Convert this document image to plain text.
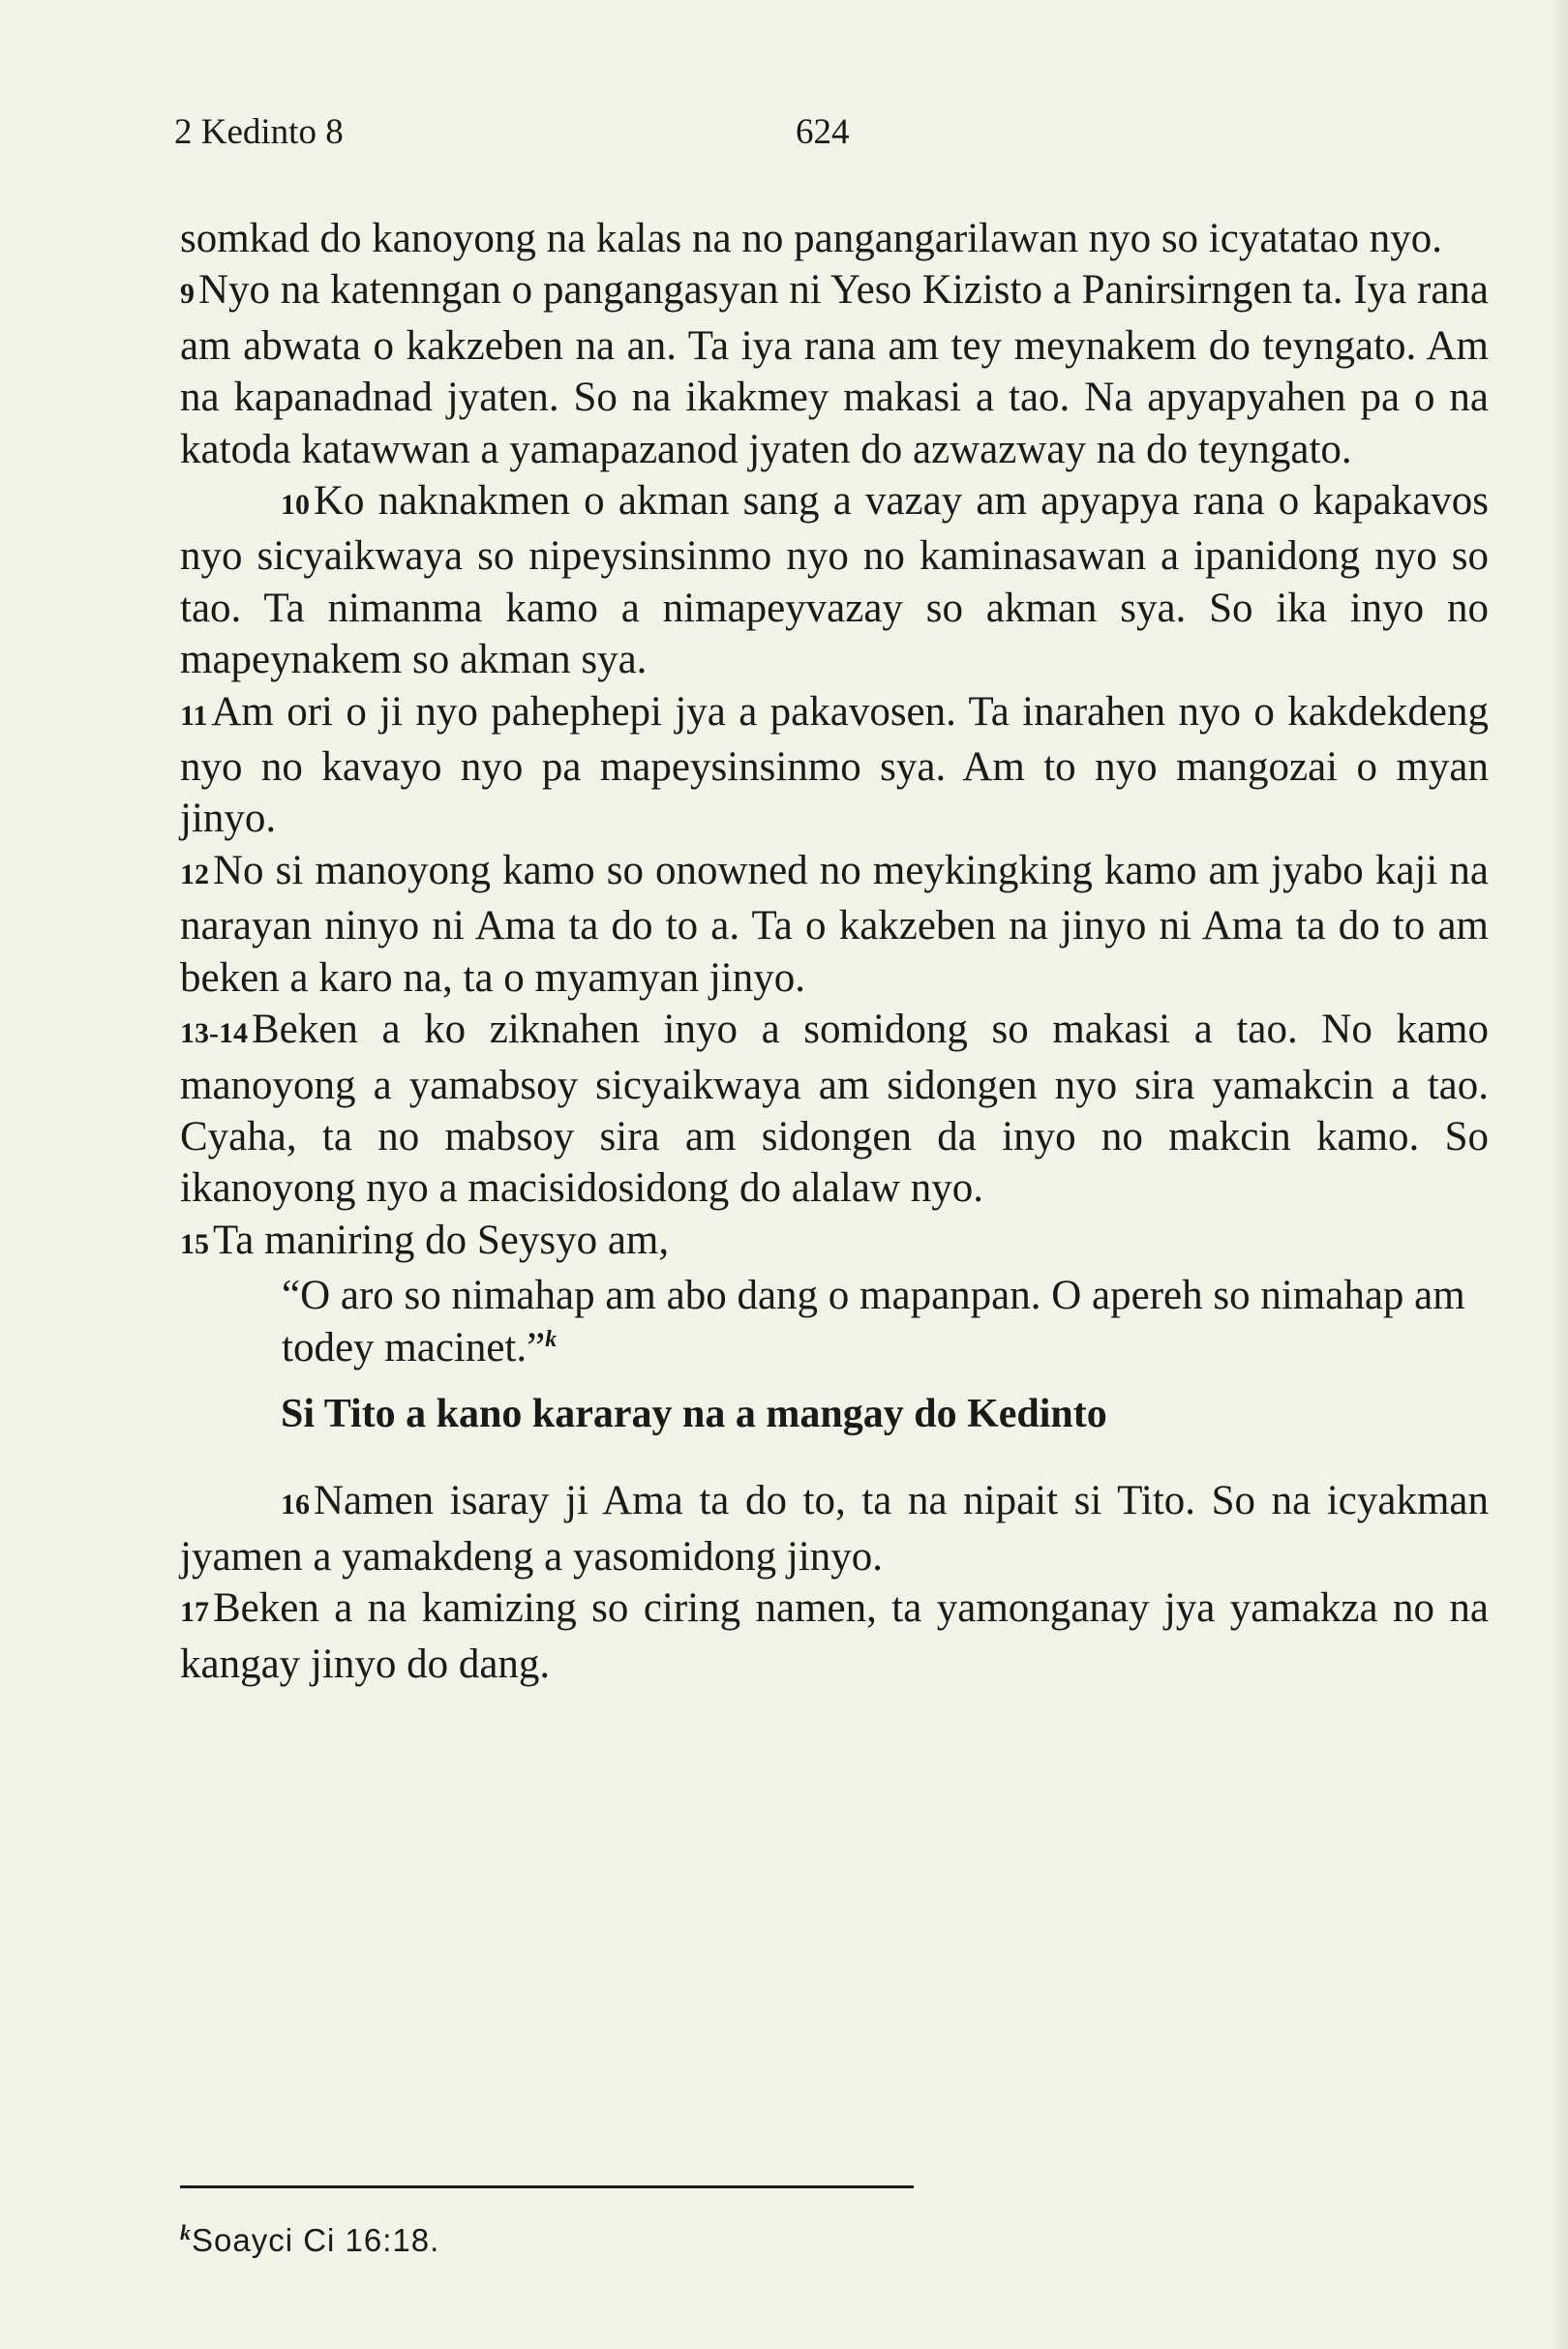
2 Kedinto 8	624

somkad do kanoyong na kalas na no pangangarilawan nyo so icyatatao nyo.

9Nyo na katenngan o pangangasyan ni Yeso Kizisto a Panirsirngen ta. Iya rana am abwata o kakzeben na an. Ta iya rana am tey meynakem do teyngato. Am na kapanadnad jyaten. So na ikakmey makasi a tao. Na apyapyahen pa o na katoda katawwan a yamapazanod jyaten do azwazway na do teyngato.

10Ko naknakmen o akman sang a vazay am apyapya rana o kapakavos nyo sicyaikwaya so nipeysinsinmo nyo no kaminasawan a ipanidong nyo so tao. Ta nimanma kamo a nimapeyvazay so akman sya. So ika inyo no mapeynakem so akman sya.

11Am ori o ji nyo pahephepi jya a pakavosen. Ta inarahen nyo o kakdekdeng nyo no kavayo nyo pa mapeysinsinmo sya. Am to nyo mangozai o myan jinyo.

12No si manoyong kamo so onowned no meykingking kamo am jyabo kaji na narayan ninyo ni Ama ta do to a. Ta o kakzeben na jinyo ni Ama ta do to am beken a karo na, ta o myamyan jinyo.

13-14Beken a ko ziknahen inyo a somidong so makasi a tao. No kamo manoyong a yamabsoy sicyaikwaya am sidongen nyo sira yamakcin a tao. Cyaha, ta no mabsoy sira am sidongen da inyo no makcin kamo. So ikanoyong nyo a macisidosidong do alalaw nyo.

15Ta maniring do Seysyo am,

“O aro so nimahap am abo dang o mapanpan. O apereh so nimahap am todey macinet.”$^k$

Si Tito a kano kararay na a mangay do Kedinto

16Namen isaray ji Ama ta do to, ta na nipait si Tito. So na icyakman jyamen a yamakdeng a yasomidong jinyo.

17Beken a na kamizing so ciring namen, ta yamonganay jya yamakza no na kangay jinyo do dang.

$^k$Soayci Ci 16:18.
